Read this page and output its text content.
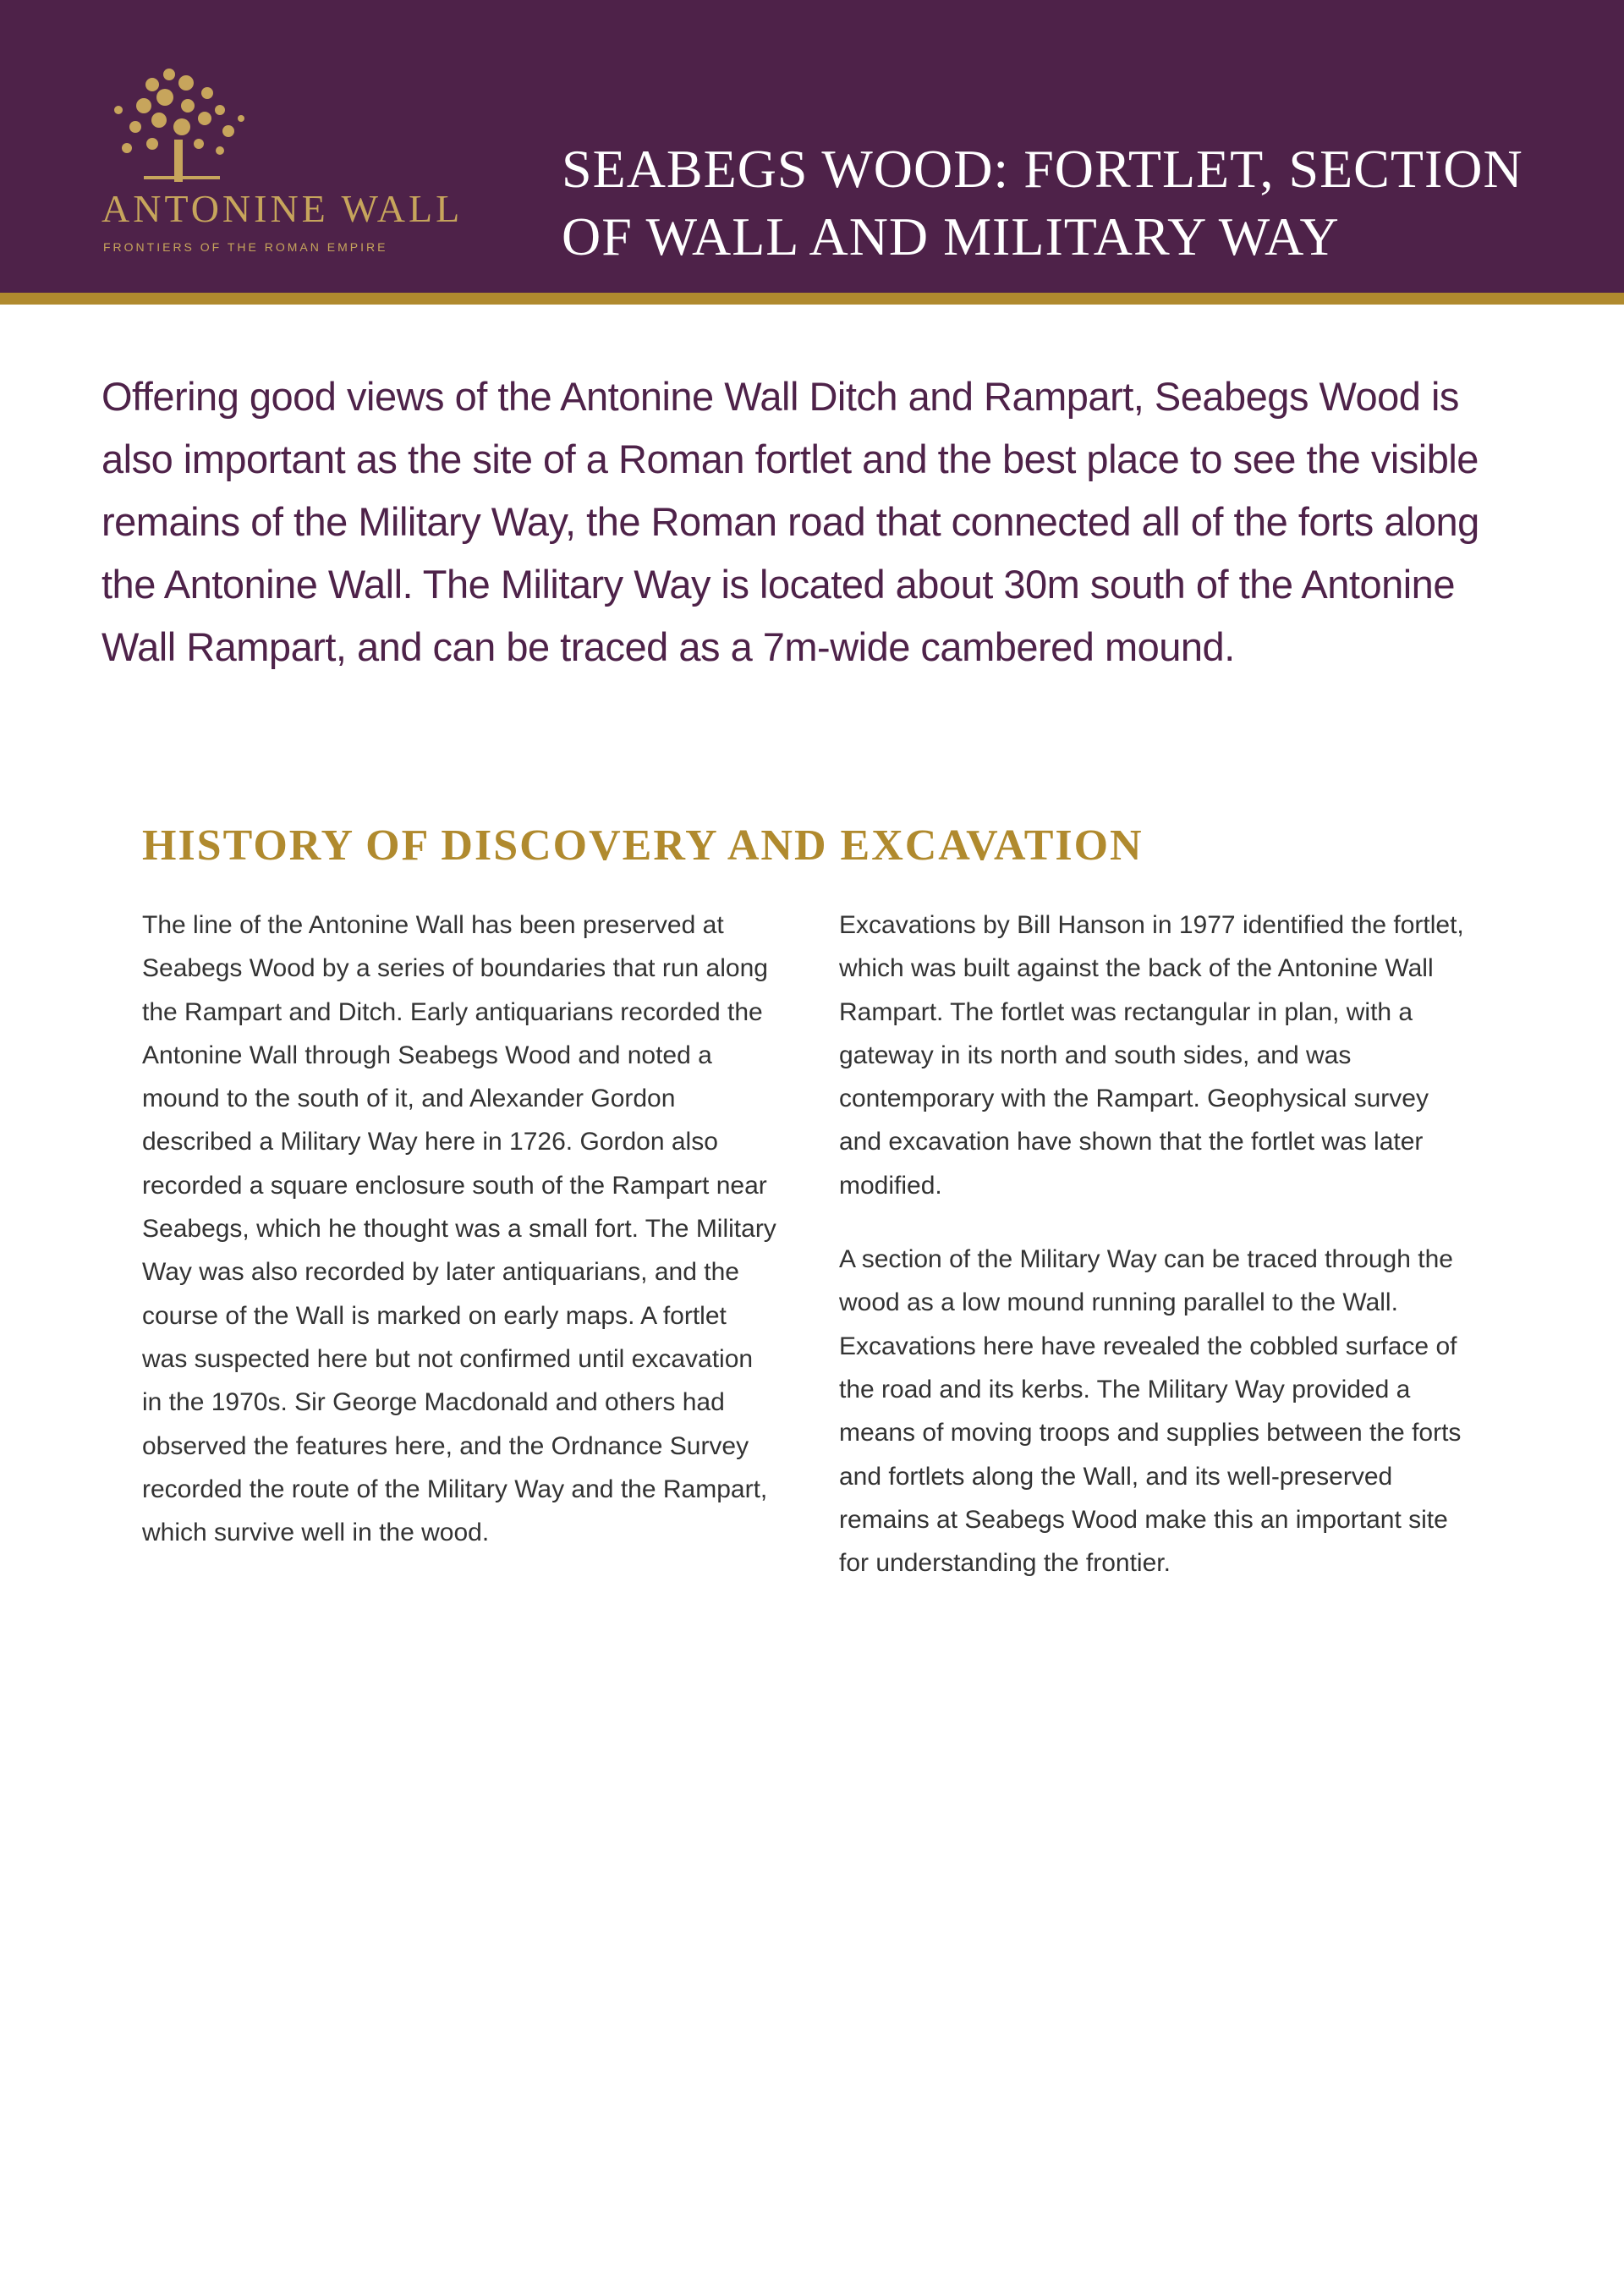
ANTONINE WALL
FRONTIERS OF THE ROMAN EMPIRE
SEABEGS WOOD: FORTLET, SECTION OF WALL AND MILITARY WAY

Offering good views of the Antonine Wall Ditch and Rampart, Seabegs Wood is also important as the site of a Roman fortlet and the best place to see the visible remains of the Military Way, the Roman road that connected all of the forts along the Antonine Wall. The Military Way is located about 30m south of the Antonine Wall Rampart, and can be traced as a 7m-wide cambered mound.

HISTORY OF DISCOVERY AND EXCAVATION

The line of the Antonine Wall has been preserved at Seabegs Wood by a series of boundaries that run along the Rampart and Ditch. Early antiquarians recorded the Antonine Wall through Seabegs Wood and noted a mound to the south of it, and Alexander Gordon described a Military Way here in 1726. Gordon also recorded a square enclosure south of the Rampart near Seabegs, which he thought was a small fort. The Military Way was also recorded by later antiquarians, and the course of the Wall is marked on early maps. A fortlet was suspected here but not confirmed until excavation in the 1970s. Sir George Macdonald and others had observed the features here, and the Ordnance Survey recorded the route of the Military Way and the Rampart, which survive well in the wood.

Excavations by Bill Hanson in 1977 identified the fortlet, which was built against the back of the Antonine Wall Rampart. The fortlet was rectangular in plan, with a gateway in its north and south sides, and was contemporary with the Rampart. Geophysical survey and excavation have shown that the fortlet was later modified.

A section of the Military Way can be traced through the wood as a low mound running parallel to the Wall. Excavations here have revealed the cobbled surface of the road and its kerbs. The Military Way provided a means of moving troops and supplies between the forts and fortlets along the Wall, and its well-preserved remains at Seabegs Wood make this an important site for understanding the frontier.
